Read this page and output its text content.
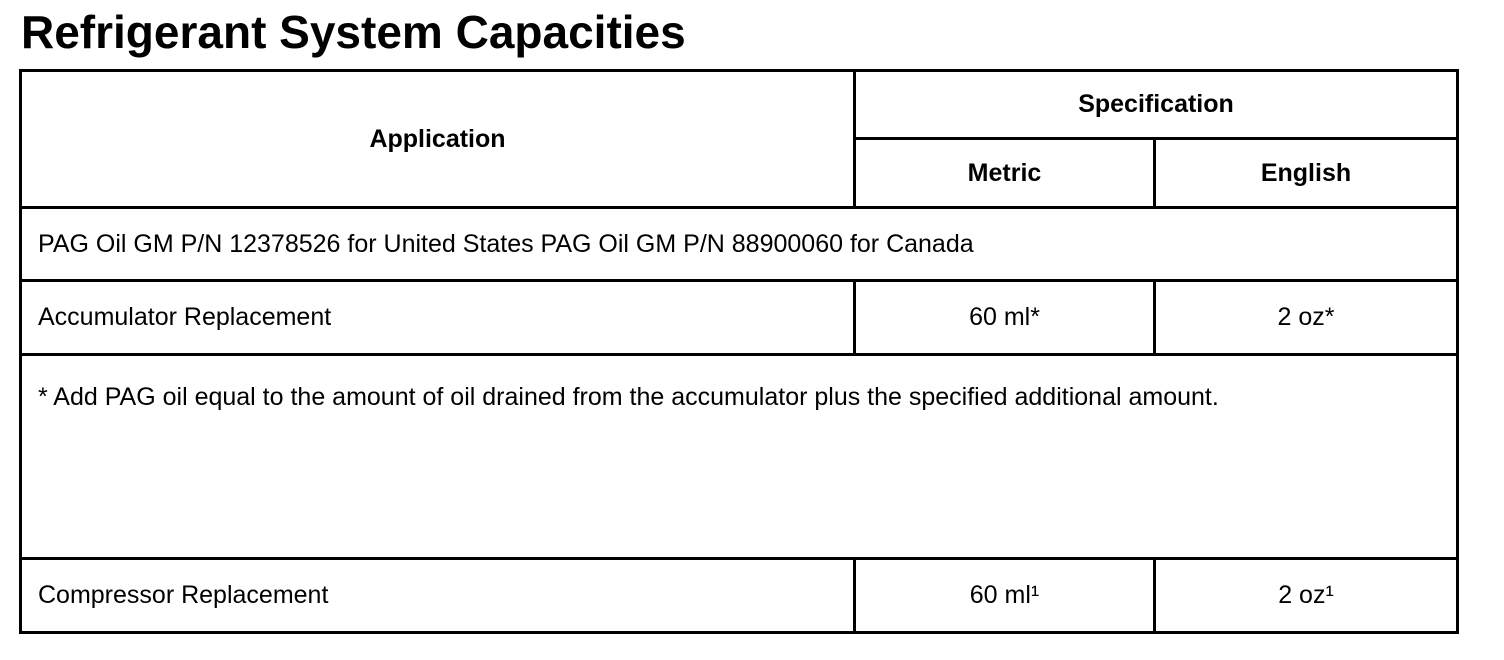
Refrigerant System Capacities
Application	Specification	
	Metric	English
PAG Oil GM P/N 12378526 for United States PAG Oil GM P/N 88900060 for Canada		
Accumulator Replacement	60 ml*	2 oz*

* Add PAG oil equal to the amount of oil drained from the accumulator plus the specified additional amount.		

Compressor Replacement	60 ml¹	2 oz¹
